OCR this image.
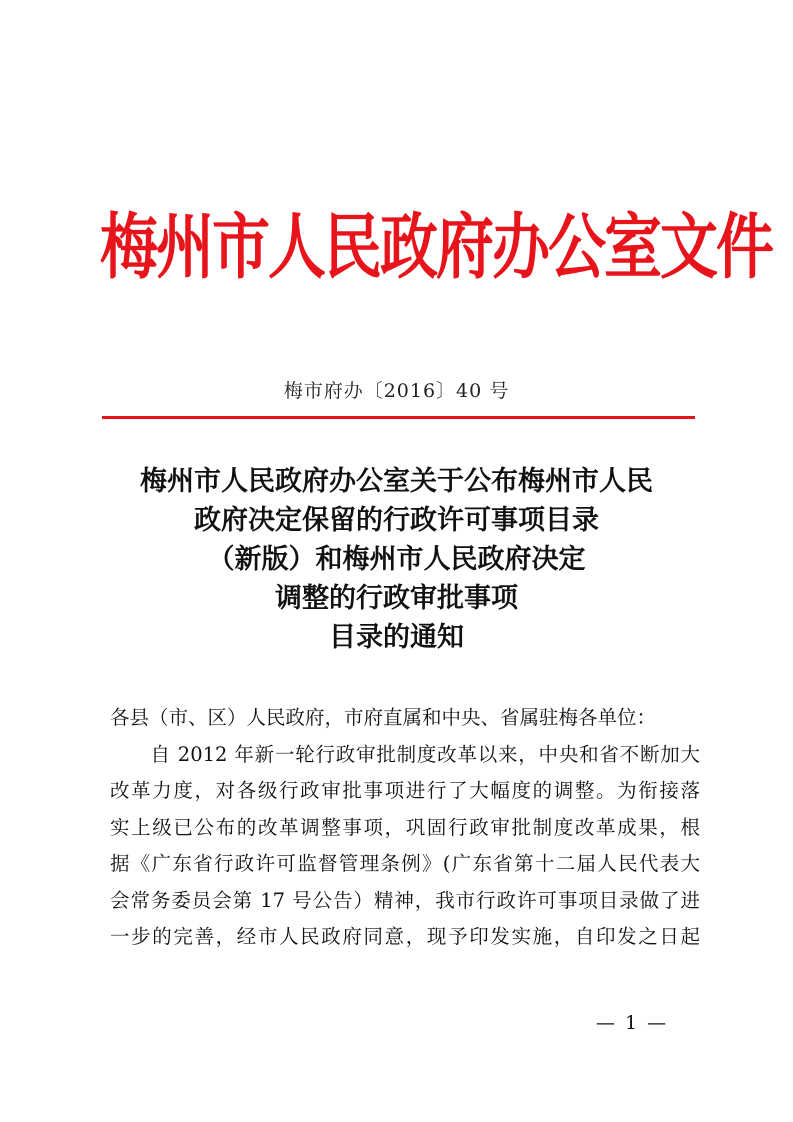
梅州市人民政府办公室文件
梅市府办〔2016〕40 号
梅州市人民政府办公室关于公布梅州市人民
政府决定保留的行政许可事项目录
（新版）和梅州市人民政府决定
调整的行政审批事项
目录的通知
各县（市、区）人民政府，市府直属和中央、省属驻梅各单位：
　　自 2012 年新一轮行政审批制度改革以来，中央和省不断加大
改革力度，对各级行政审批事项进行了大幅度的调整。为衔接落
实上级已公布的改革调整事项，巩固行政审批制度改革成果，根
据《广东省行政许可监督管理条例》(广东省第十二届人民代表大
会常务委员会第 17 号公告）精神，我市行政许可事项目录做了进
一步的完善，经市人民政府同意，现予印发实施，自印发之日起
— 1 —
